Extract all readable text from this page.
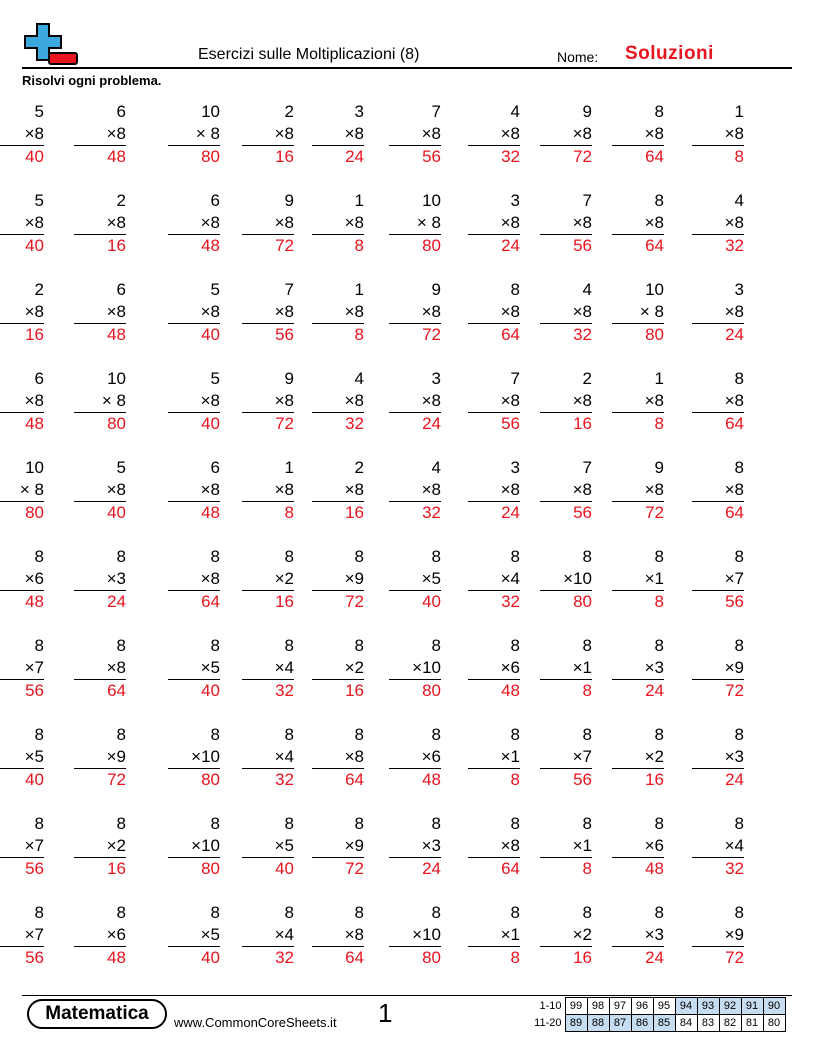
Esercizi sulle Moltiplicazioni (8)	Nome: Soluzioni
Risolvi ogni problema.
5
×8
40
6
×8
48
10
× 8
80
2
×8
16
3
×8
24
7
×8
56
4
×8
32
9
×8
72
8
×8
64
1
×8
8
5
×8
40
2
×8
16
6
×8
48
9
×8
72
1
×8
8
10
× 8
80
3
×8
24
7
×8
56
8
×8
64
4
×8
32
2
×8
16
6
×8
48
5
×8
40
7
×8
56
1
×8
8
9
×8
72
8
×8
64
4
×8
32
10
× 8
80
3
×8
24
6
×8
48
10
× 8
80
5
×8
40
9
×8
72
4
×8
32
3
×8
24
7
×8
56
2
×8
16
1
×8
8
8
×8
64
10
× 8
80
5
×8
40
6
×8
48
1
×8
8
2
×8
16
4
×8
32
3
×8
24
7
×8
56
9
×8
72
8
×8
64
8
×6
48
8
×3
24
8
×8
64
8
×2
16
8
×9
72
8
×5
40
8
×4
32
8
×10
80
8
×1
8
8
×7
56
8
×7
56
8
×8
64
8
×5
40
8
×4
32
8
×2
16
8
×10
80
8
×6
48
8
×1
8
8
×3
24
8
×9
72
8
×5
40
8
×9
72
8
×10
80
8
×4
32
8
×8
64
8
×6
48
8
×1
8
8
×7
56
8
×2
16
8
×3
24
8
×7
56
8
×2
16
8
×10
80
8
×5
40
8
×9
72
8
×3
24
8
×8
64
8
×1
8
8
×6
48
8
×4
32
8
×7
56
8
×6
48
8
×5
40
8
×4
32
8
×8
64
8
×10
80
8
×1
8
8
×2
16
8
×3
24
8
×9
72
Matematica	www.CommonCoreSheets.it 1	1-10	99	98	97	96	95	94	93	92	91	90
11-20	89	88	87	86	85	84	83	82	81	80
